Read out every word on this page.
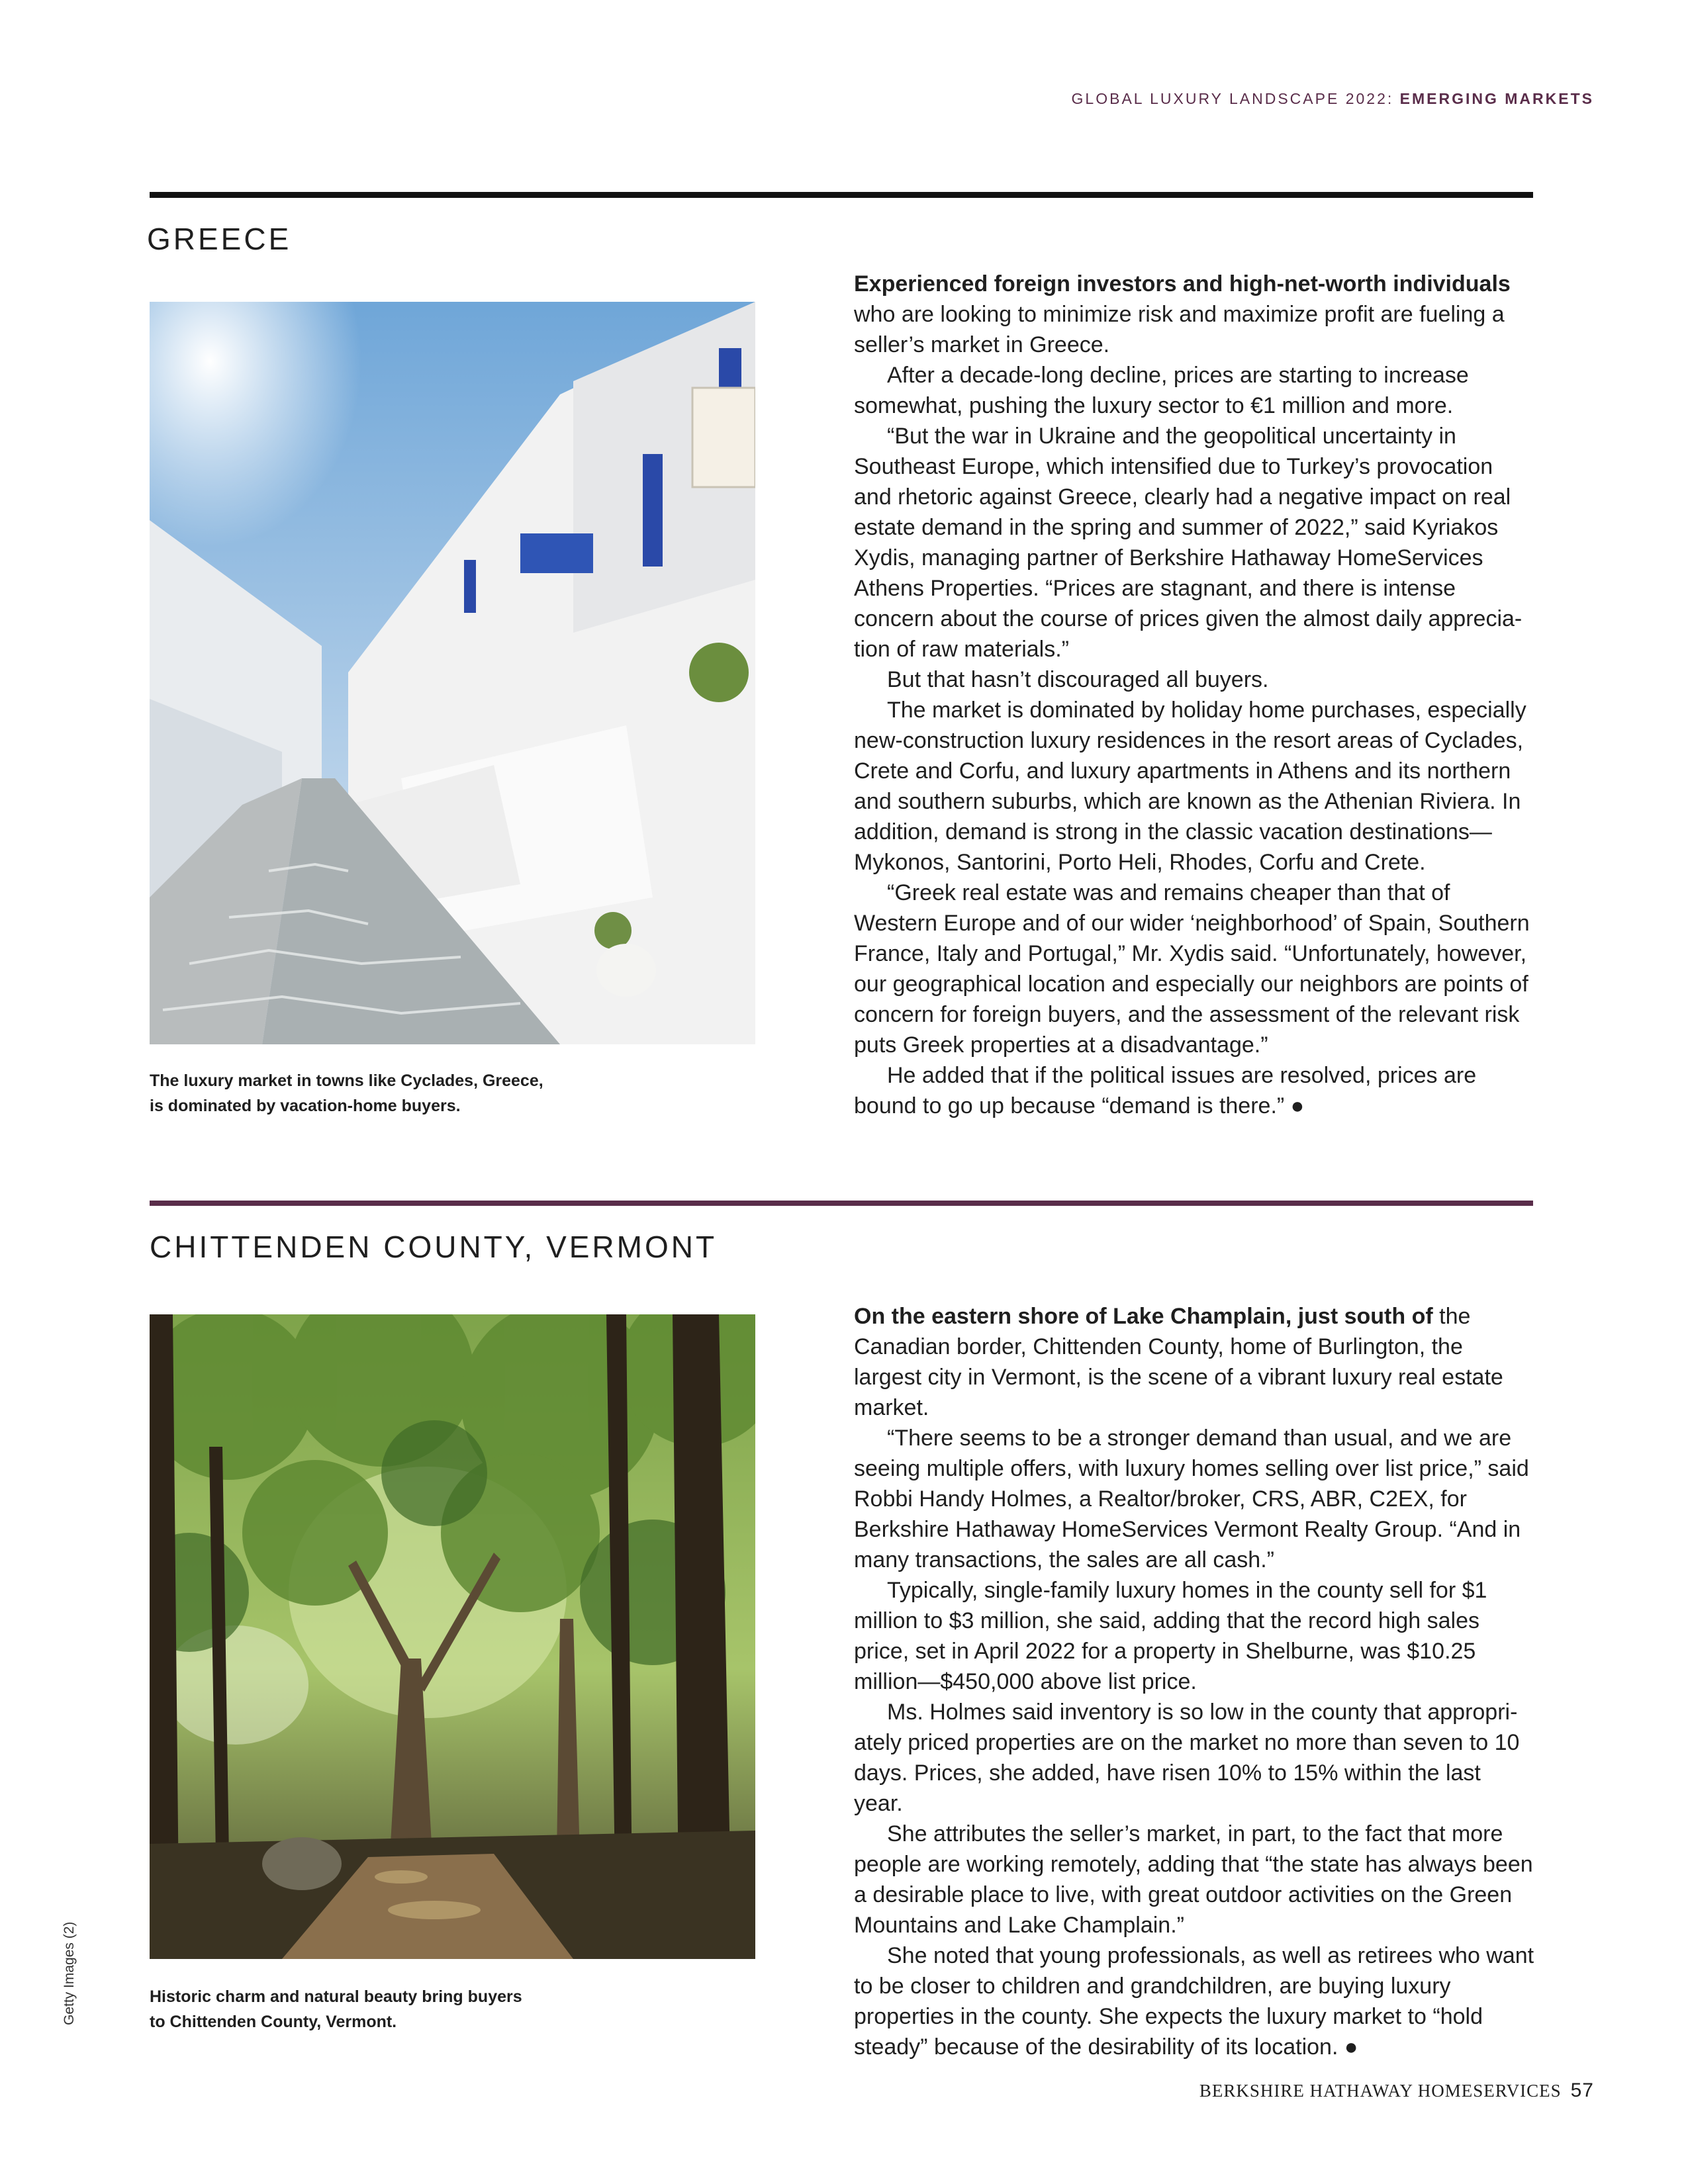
GLOBAL LUXURY LANDSCAPE 2022: EMERGING MARKETS
GREECE
The luxury market in towns like Cyclades, Greece,
is dominated by vacation-home buyers.

Experienced foreign investors and high-net-worth individuals who are looking to minimize risk and maximize profit are fueling a seller’s market in Greece.

After a decade-long decline, prices are starting to increase somewhat, pushing the luxury sector to €1 million and more.

“But the war in Ukraine and the geopolitical uncertainty in Southeast Europe, which intensified due to Turkey’s provocation and rhetoric against Greece, clearly had a negative impact on real estate demand in the spring and summer of 2022,” said Kyriakos Xydis, managing partner of Berkshire Hathaway HomeServices Athens Properties. “Prices are stagnant, and there is intense concern about the course of prices given the almost daily appreciation of raw materials.”

But that hasn’t discouraged all buyers.

The market is dominated by holiday home purchases, especially new-construction luxury residences in the resort areas of Cyclades, Crete and Corfu, and luxury apartments in Athens and its northern and southern suburbs, which are known as the Athenian Riviera. In addition, demand is strong in the classic vacation destinations—Mykonos, Santorini, Porto Heli, Rhodes, Corfu and Crete.

“Greek real estate was and remains cheaper than that of Western Europe and of our wider ‘neighborhood’ of Spain, Southern France, Italy and Portugal,” Mr. Xydis said. “Unfortunately, however, our geographical location and especially our neighbors are points of concern for foreign buyers, and the assessment of the relevant risk puts Greek properties at a disadvantage.”

He added that if the political issues are resolved, prices are bound to go up because “demand is there.” ●

CHITTENDEN COUNTY, VERMONT
Historic charm and natural beauty bring buyers
to Chittenden County, Vermont.

On the eastern shore of Lake Champlain, just south of the Canadian border, Chittenden County, home of Burlington, the largest city in Vermont, is the scene of a vibrant luxury real estate market.

“There seems to be a stronger demand than usual, and we are seeing multiple offers, with luxury homes selling over list price,” said Robbi Handy Holmes, a Realtor/broker, CRS, ABR, C2EX, for Berkshire Hathaway HomeServices Vermont Realty Group. “And in many transactions, the sales are all cash.”

Typically, single-family luxury homes in the county sell for $1 million to $3 million, she said, adding that the record high sales price, set in April 2022 for a property in Shelburne, was $10.25 million—$450,000 above list price.

Ms. Holmes said inventory is so low in the county that appropriately priced properties are on the market no more than seven to 10 days. Prices, she added, have risen 10% to 15% within the last year.

She attributes the seller’s market, in part, to the fact that more people are working remotely, adding that “the state has always been a desirable place to live, with great outdoor activities on the Green Mountains and Lake Champlain.”

She noted that young professionals, as well as retirees who want to be closer to children and grandchildren, are buying luxury properties in the county. She expects the luxury market to “hold steady” because of the desirability of its location. ●

Getty Images (2)
BERKSHIRE HATHAWAY HOMESERVICES 57
